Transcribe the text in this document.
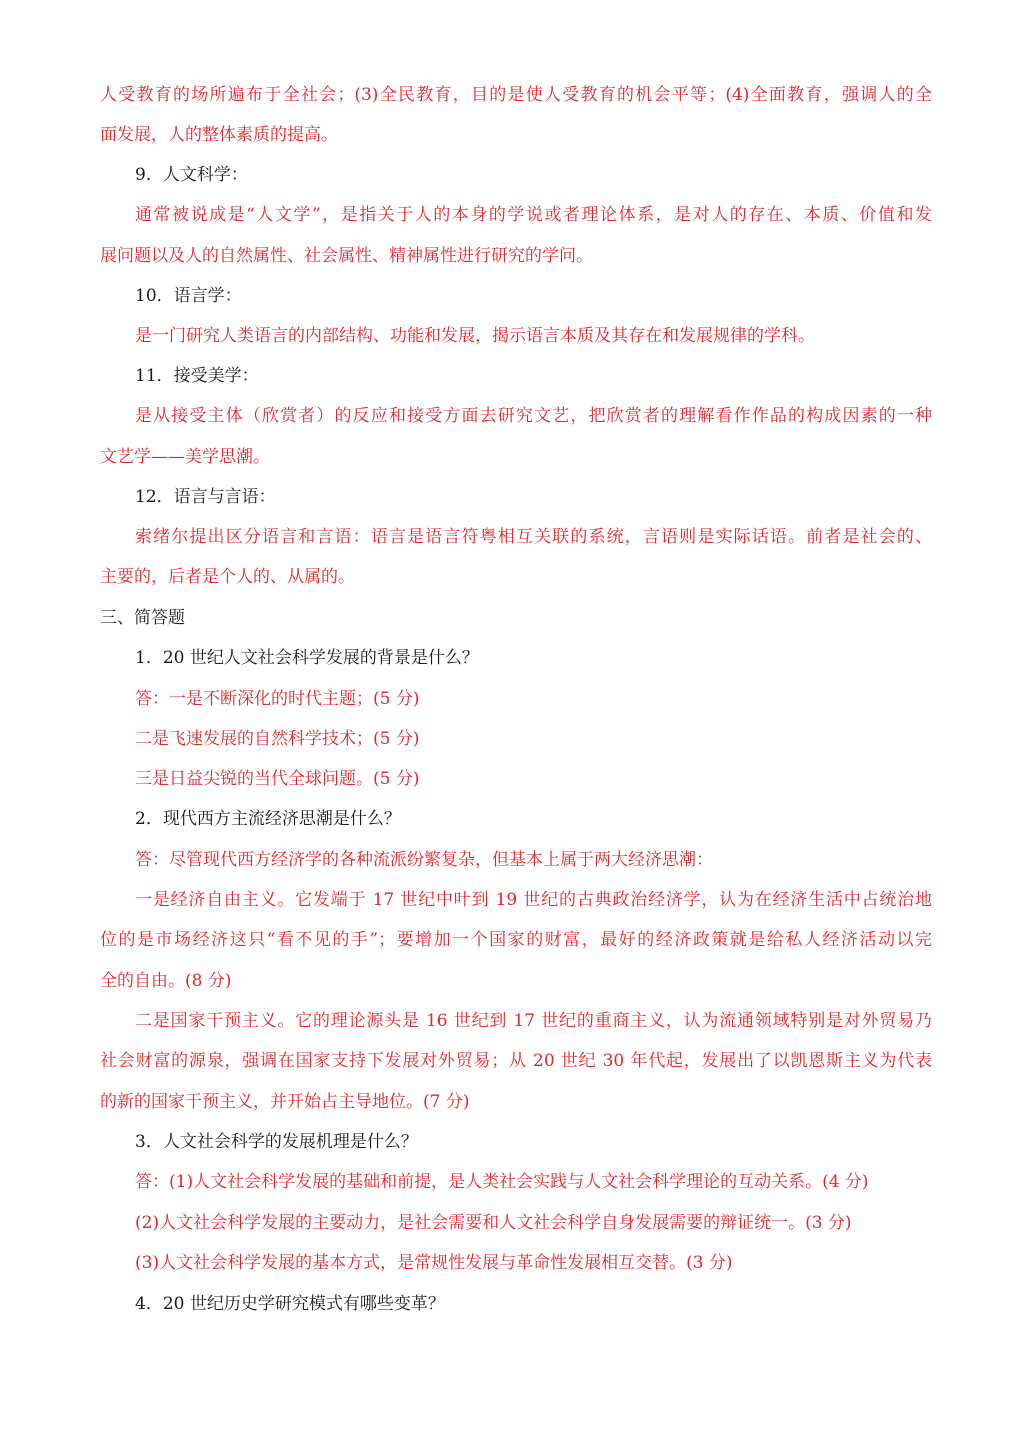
人受教育的场所遍布于全社会；(3)全民教育，目的是使人受教育的机会平等；(4)全面教育，强调人的全
面发展，人的整体素质的提高。
9．人文科学：
通常被说成是“人文学”，是指关于人的本身的学说或者理论体系，是对人的存在、本质、价值和发
展问题以及人的自然属性、社会属性、精神属性进行研究的学问。
10．语言学：
是一门研究人类语言的内部结构、功能和发展，揭示语言本质及其存在和发展规律的学科。
11．接受美学：
是从接受主体（欣赏者）的反应和接受方面去研究文艺，把欣赏者的理解看作作品的构成因素的一种
文艺学——美学思潮。
12．语言与言语：
索绪尔提出区分语言和言语：语言是语言符粤相互关联的系统，言语则是实际话语。前者是社会的、
主要的，后者是个人的、从属的。
三、简答题
1．20 世纪人文社会科学发展的背景是什么？
答：一是不断深化的时代主题；(5 分)
二是飞速发展的自然科学技术；(5 分)
三是日益尖锐的当代全球问题。(5 分)
2．现代西方主流经济思潮是什么？
答：尽管现代西方经济学的各种流派纷繁复杂，但基本上属于两大经济思潮：
一是经济自由主义。它发端于 17 世纪中叶到 19 世纪的古典政治经济学，认为在经济生活中占统治地
位的是市场经济这只“看不见的手”；要增加一个国家的财富，最好的经济政策就是给私人经济活动以完
全的自由。(8 分)
二是国家干预主义。它的理论源头是 16 世纪到 17 世纪的重商主义，认为流通领域特别是对外贸易乃
社会财富的源泉，强调在国家支持下发展对外贸易；从 20 世纪 30 年代起，发展出了以凯恩斯主义为代表
的新的国家干预主义，并开始占主导地位。(7 分)
3．人文社会科学的发展机理是什么？
答：(1)人文社会科学发展的基础和前提，是人类社会实践与人文社会科学理论的互动关系。(4 分)
(2)人文社会科学发展的主要动力，是社会需要和人文社会科学自身发展需要的辩证统一。(3 分)
(3)人文社会科学发展的基本方式，是常规性发展与革命性发展相互交替。(3 分)
4．20 世纪历史学研究模式有哪些变革？
